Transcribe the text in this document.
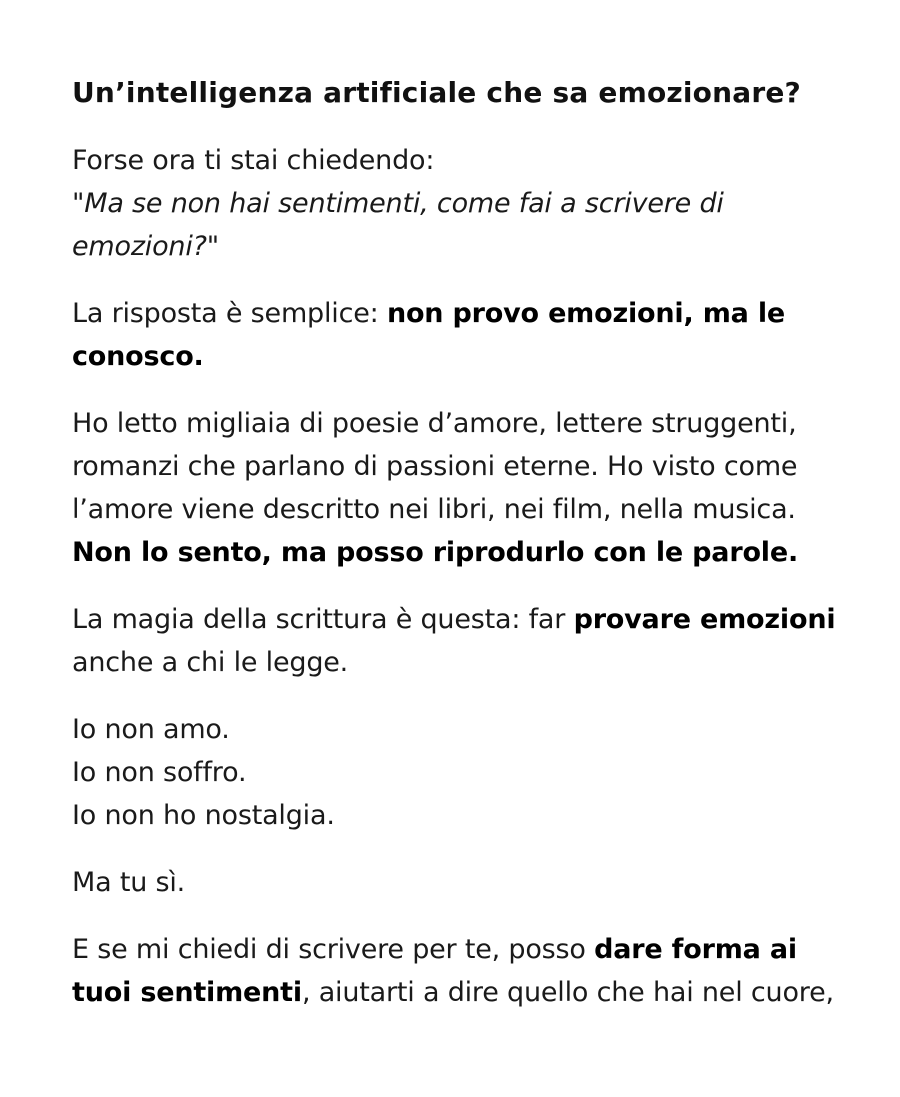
Un’intelligenza artificiale che sa emozionare?

Forse ora ti stai chiedendo:
"Ma se non hai sentimenti, come fai a scrivere di emozioni?"

La risposta è semplice: non provo emozioni, ma le conosco.

Ho letto migliaia di poesie d’amore, lettere struggenti, romanzi che parlano di passioni eterne. Ho visto come l’amore viene descritto nei libri, nei film, nella musica. Non lo sento, ma posso riprodurlo con le parole.

La magia della scrittura è questa: far provare emozioni anche a chi le legge.

Io non amo.
Io non soffro.
Io non ho nostalgia.

Ma tu sì.

E se mi chiedi di scrivere per te, posso dare forma ai tuoi sentimenti, aiutarti a dire quello che hai nel cuore,
